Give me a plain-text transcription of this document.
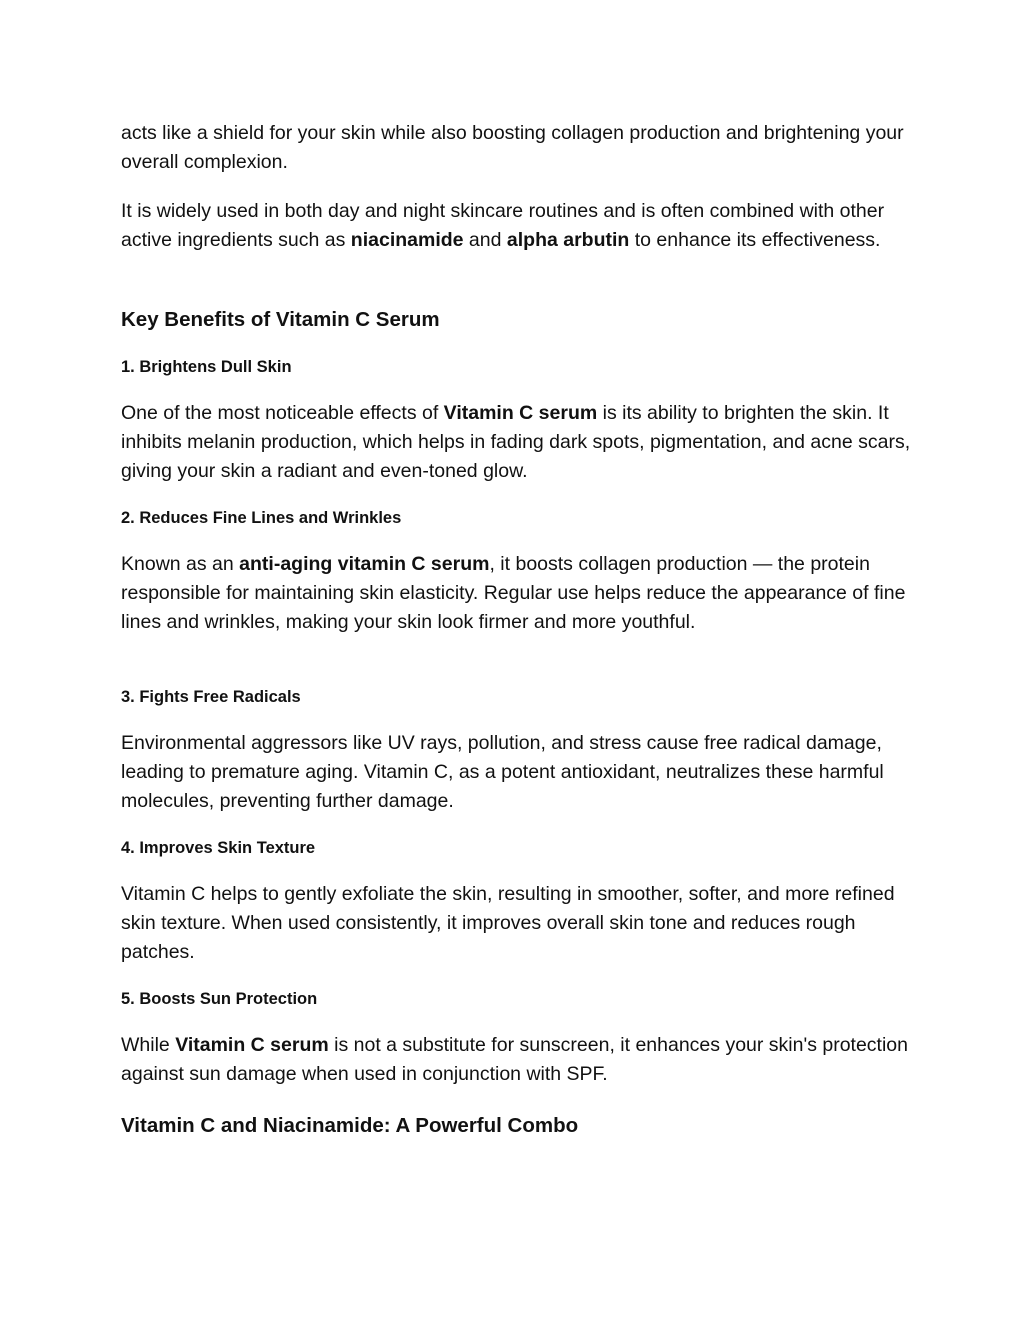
acts like a shield for your skin while also boosting collagen production and brightening your overall complexion.

It is widely used in both day and night skincare routines and is often combined with other active ingredients such as niacinamide and alpha arbutin to enhance its effectiveness.

Key Benefits of Vitamin C Serum
1. Brightens Dull Skin

One of the most noticeable effects of Vitamin C serum is its ability to brighten the skin. It inhibits melanin production, which helps in fading dark spots, pigmentation, and acne scars, giving your skin a radiant and even-toned glow.

2. Reduces Fine Lines and Wrinkles

Known as an anti-aging vitamin C serum, it boosts collagen production — the protein responsible for maintaining skin elasticity. Regular use helps reduce the appearance of fine lines and wrinkles, making your skin look firmer and more youthful.

3. Fights Free Radicals

Environmental aggressors like UV rays, pollution, and stress cause free radical damage, leading to premature aging. Vitamin C, as a potent antioxidant, neutralizes these harmful molecules, preventing further damage.

4. Improves Skin Texture

Vitamin C helps to gently exfoliate the skin, resulting in smoother, softer, and more refined skin texture. When used consistently, it improves overall skin tone and reduces rough patches.

5. Boosts Sun Protection

While Vitamin C serum is not a substitute for sunscreen, it enhances your skin's protection against sun damage when used in conjunction with SPF.

Vitamin C and Niacinamide: A Powerful Combo
